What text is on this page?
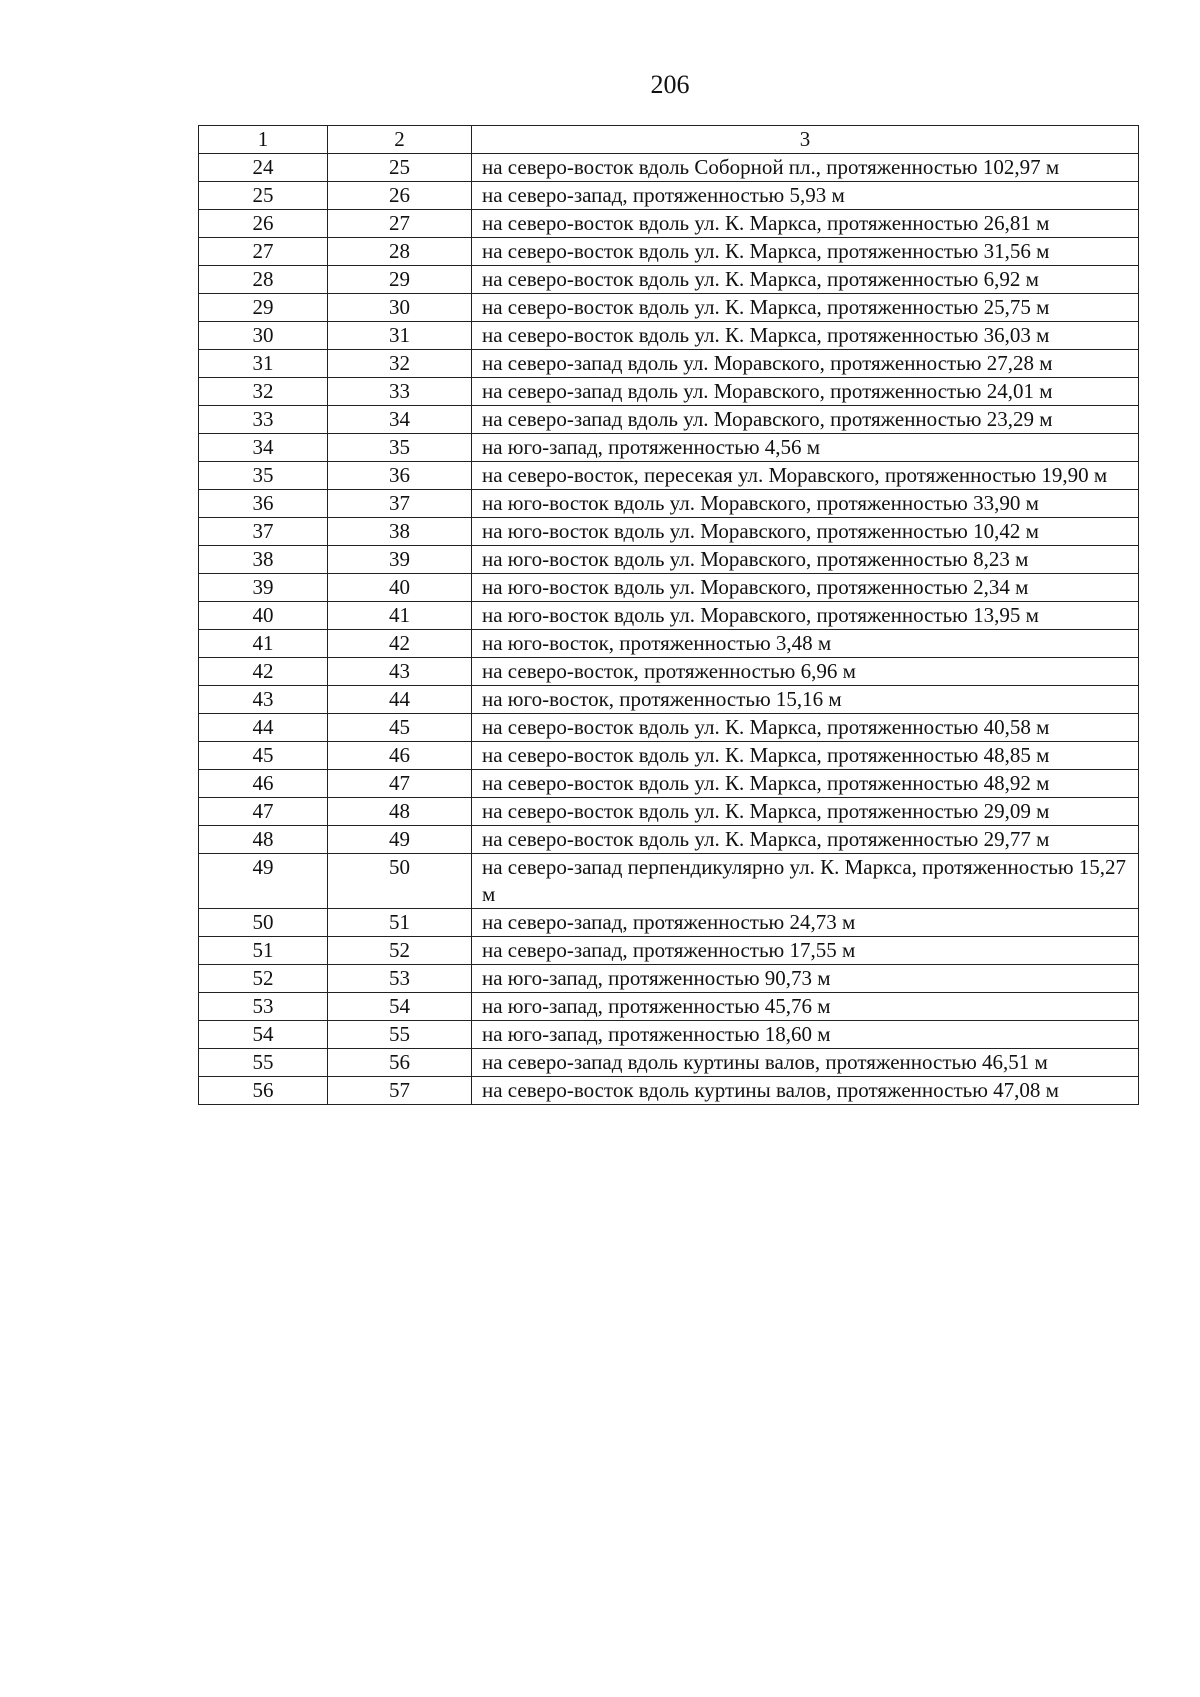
206
1	2	3
24	25	на северо-восток вдоль Соборной пл., протяженностью 102,97 м
25	26	на северо-запад, протяженностью 5,93 м
26	27	на северо-восток вдоль ул. К. Маркса, протяженностью 26,81 м
27	28	на северо-восток вдоль ул. К. Маркса, протяженностью 31,56 м
28	29	на северо-восток вдоль ул. К. Маркса, протяженностью 6,92 м
29	30	на северо-восток вдоль ул. К. Маркса, протяженностью 25,75 м
30	31	на северо-восток вдоль ул. К. Маркса, протяженностью 36,03 м
31	32	на северо-запад вдоль ул. Моравского, протяженностью 27,28 м
32	33	на северо-запад вдоль ул. Моравского, протяженностью 24,01 м
33	34	на северо-запад вдоль ул. Моравского, протяженностью 23,29 м
34	35	на юго-запад, протяженностью 4,56 м
35	36	на северо-восток, пересекая ул. Моравского, протяженностью 19,90 м
36	37	на юго-восток вдоль ул. Моравского, протяженностью 33,90 м
37	38	на юго-восток вдоль ул. Моравского, протяженностью 10,42 м
38	39	на юго-восток вдоль ул. Моравского, протяженностью 8,23 м
39	40	на юго-восток вдоль ул. Моравского, протяженностью 2,34 м
40	41	на юго-восток вдоль ул. Моравского, протяженностью 13,95 м
41	42	на юго-восток, протяженностью 3,48 м
42	43	на северо-восток, протяженностью 6,96 м
43	44	на юго-восток, протяженностью 15,16 м
44	45	на северо-восток вдоль ул. К. Маркса, протяженностью 40,58 м
45	46	на северо-восток вдоль ул. К. Маркса, протяженностью 48,85 м
46	47	на северо-восток вдоль ул. К. Маркса, протяженностью 48,92 м
47	48	на северо-восток вдоль ул. К. Маркса, протяженностью 29,09 м
48	49	на северо-восток вдоль ул. К. Маркса, протяженностью 29,77 м
49	50	на северо-запад перпендикулярно ул. К. Маркса, протяженностью 15,27 м
50	51	на северо-запад, протяженностью 24,73 м
51	52	на северо-запад, протяженностью 17,55 м
52	53	на юго-запад, протяженностью 90,73 м
53	54	на юго-запад, протяженностью 45,76 м
54	55	на юго-запад, протяженностью 18,60 м
55	56	на северо-запад вдоль куртины валов, протяженностью 46,51 м
56	57	на северо-восток вдоль куртины валов, протяженностью 47,08 м
